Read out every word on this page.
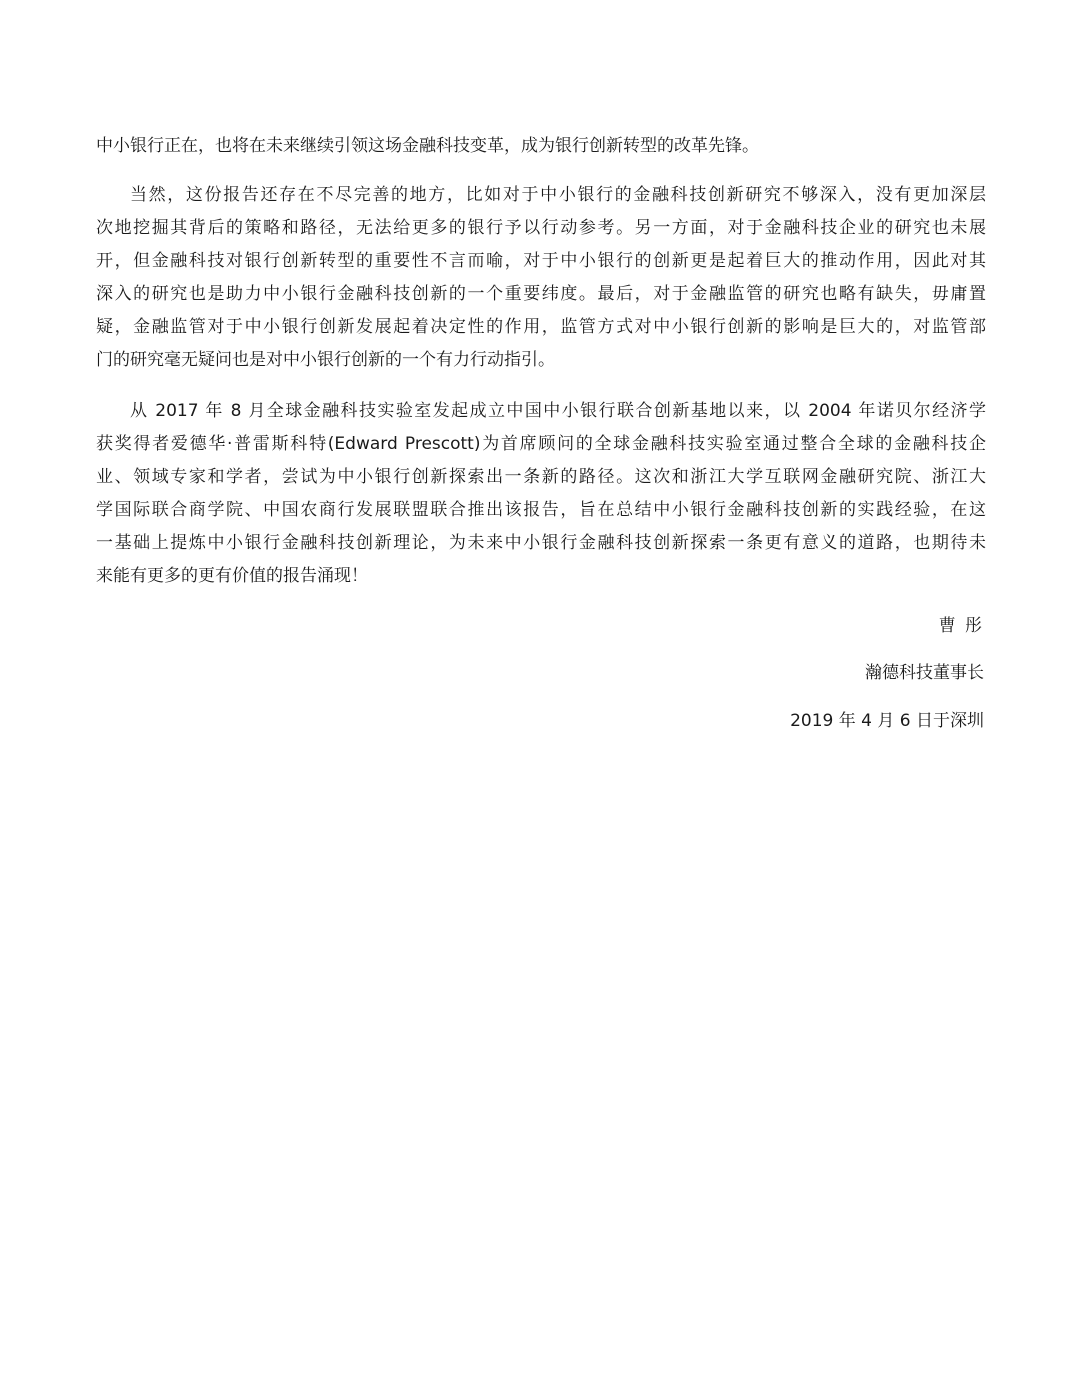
中小银行正在，也将在未来继续引领这场金融科技变革，成为银行创新转型的改革先锋。
当然，这份报告还存在不尽完善的地方，比如对于中小银行的金融科技创新研究不够深入，没有更加深层
次地挖掘其背后的策略和路径，无法给更多的银行予以行动参考。另一方面，对于金融科技企业的研究也未展
开，但金融科技对银行创新转型的重要性不言而喻，对于中小银行的创新更是起着巨大的推动作用，因此对其
深入的研究也是助力中小银行金融科技创新的一个重要纬度。最后，对于金融监管的研究也略有缺失，毋庸置
疑，金融监管对于中小银行创新发展起着决定性的作用，监管方式对中小银行创新的影响是巨大的，对监管部
门的研究毫无疑问也是对中小银行创新的一个有力行动指引。
从 2017 年 8 月全球金融科技实验室发起成立中国中小银行联合创新基地以来，以 2004 年诺贝尔经济学
获奖得者爱德华·普雷斯科特(Edward Prescott)为首席顾问的全球金融科技实验室通过整合全球的金融科技企
业、领域专家和学者，尝试为中小银行创新探索出一条新的路径。这次和浙江大学互联网金融研究院、浙江大
学国际联合商学院、中国农商行发展联盟联合推出该报告，旨在总结中小银行金融科技创新的实践经验，在这
一基础上提炼中小银行金融科技创新理论，为未来中小银行金融科技创新探索一条更有意义的道路，也期待未
来能有更多的更有价值的报告涌现！
曹 彤
瀚德科技董事长
2019 年 4 月 6 日于深圳
